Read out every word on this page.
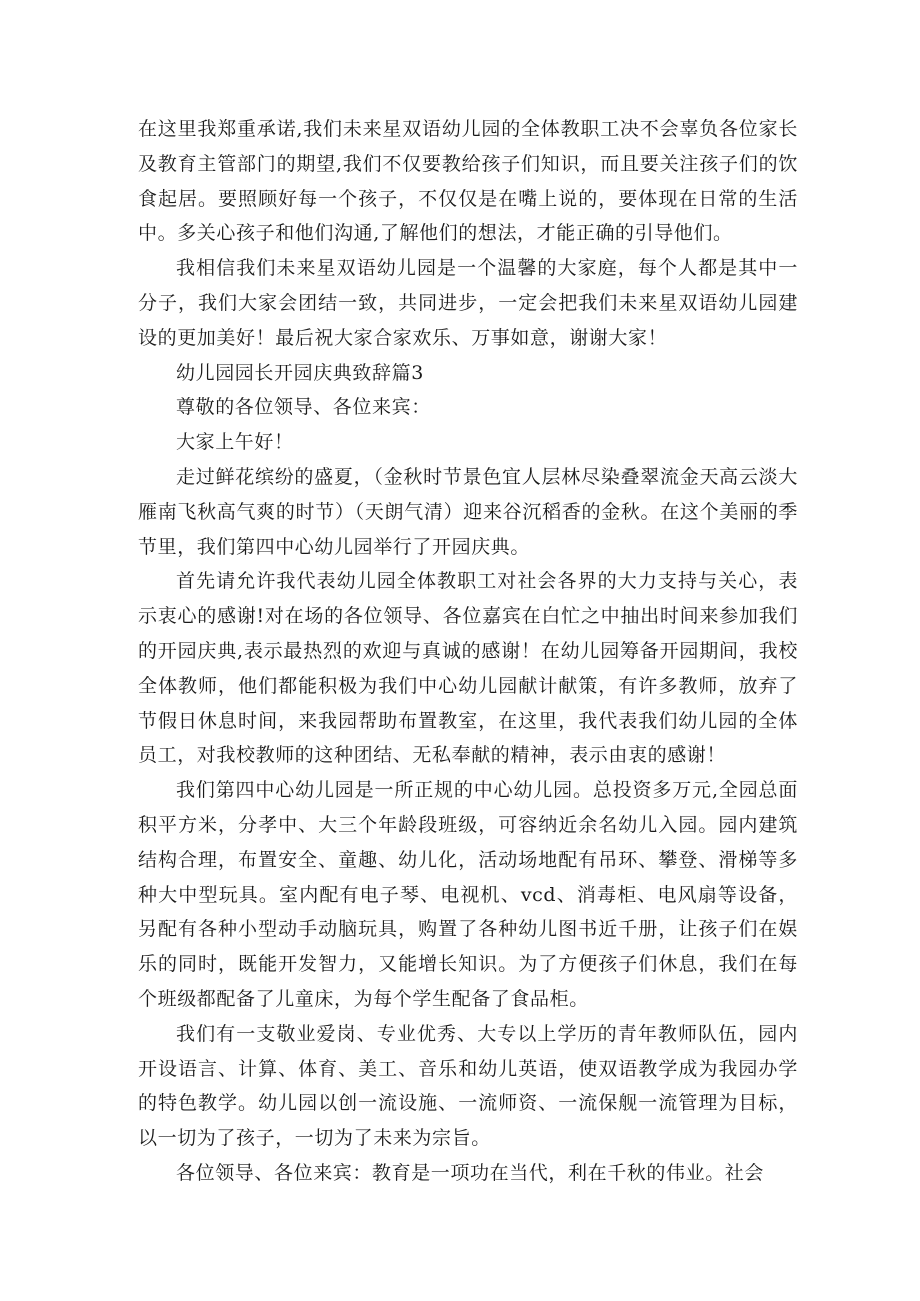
在这里我郑重承诺,我们未来星双语幼儿园的全体教职工决不会辜负各位家长及教育主管部门的期望,我们不仅要教给孩子们知识，而且要关注孩子们的饮食起居。要照顾好每一个孩子，不仅仅是在嘴上说的，要体现在日常的生活中。多关心孩子和他们沟通,了解他们的想法，才能正确的引导他们。

我相信我们未来星双语幼儿园是一个温馨的大家庭，每个人都是其中一分子，我们大家会团结一致，共同进步，一定会把我们未来星双语幼儿园建设的更加美好！最后祝大家合家欢乐、万事如意，谢谢大家！

幼儿园园长开园庆典致辞篇3

尊敬的各位领导、各位来宾：

大家上午好！

走过鲜花缤纷的盛夏，（金秋时节景色宜人层林尽染叠翠流金天高云淡大雁南飞秋高气爽的时节）（天朗气清）迎来谷沉稻香的金秋。在这个美丽的季节里，我们第四中心幼儿园举行了开园庆典。

首先请允许我代表幼儿园全体教职工对社会各界的大力支持与关心，表示衷心的感谢!对在场的各位领导、各位嘉宾在白忙之中抽出时间来参加我们的开园庆典,表示最热烈的欢迎与真诚的感谢！在幼儿园筹备开园期间，我校全体教师，他们都能积极为我们中心幼儿园献计献策，有许多教师，放弃了节假日休息时间，来我园帮助布置教室，在这里，我代表我们幼儿园的全体员工，对我校教师的这种团结、无私奉献的精神，表示由衷的感谢！

我们第四中心幼儿园是一所正规的中心幼儿园。总投资多万元,全园总面积平方米，分孝中、大三个年龄段班级，可容纳近余名幼儿入园。园内建筑结构合理，布置安全、童趣、幼儿化，活动场地配有吊环、攀登、滑梯等多种大中型玩具。室内配有电子琴、电视机、vcd、消毒柜、电风扇等设备，另配有各种小型动手动脑玩具，购置了各种幼儿图书近千册，让孩子们在娱乐的同时，既能开发智力，又能增长知识。为了方便孩子们休息，我们在每个班级都配备了儿童床，为每个学生配备了食品柜。

我们有一支敬业爱岗、专业优秀、大专以上学历的青年教师队伍，园内开设语言、计算、体育、美工、音乐和幼儿英语，使双语教学成为我园办学的特色教学。幼儿园以创一流设施、一流师资、一流保舰一流管理为目标，以一切为了孩子，一切为了未来为宗旨。

各位领导、各位来宾：教育是一项功在当代，利在千秋的伟业。社会
